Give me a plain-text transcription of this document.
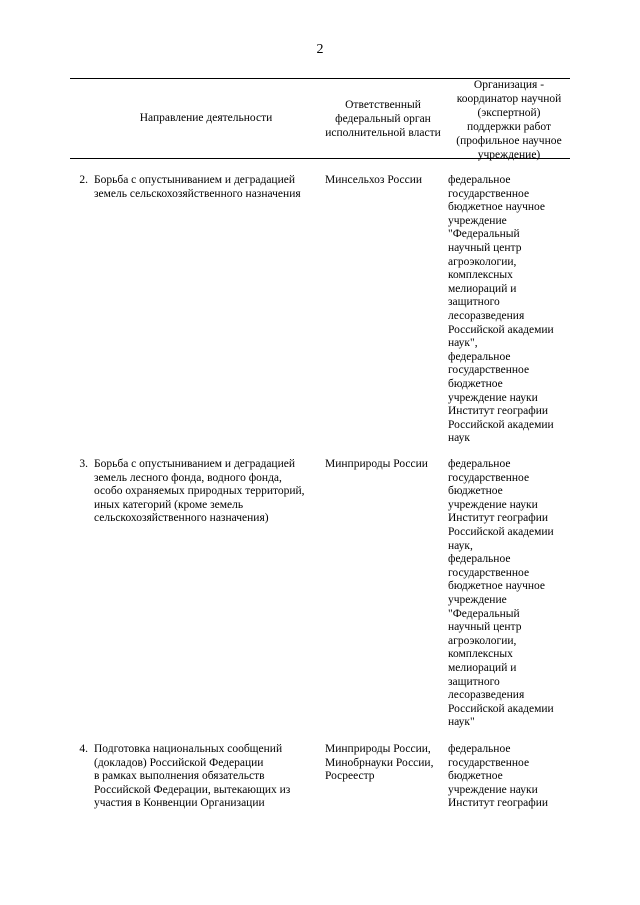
2
Направление деятельности
Ответственный
федеральный орган
исполнительной власти
Организация -
координатор научной
(экспертной)
поддержки работ
(профильное научное
учреждение)
2. Борьба с опустыниванием и деградацией
земель сельскохозяйственного назначения
Минсельхоз России	федеральное
государственное
бюджетное научное
учреждение
"Федеральный
научный центр
агроэкологии,
комплексных
мелиораций и
защитного
лесоразведения
Российской академии
наук",
федеральное
государственное
бюджетное
учреждение науки
Институт географии
Российской академии
наук
3. Борьба с опустыниванием и деградацией
земель лесного фонда, водного фонда,
особо охраняемых природных территорий,
иных категорий (кроме земель
сельскохозяйственного назначения)
Минприроды России	федеральное
государственное
бюджетное
учреждение науки
Институт географии
Российской академии
наук,
федеральное
государственное
бюджетное научное
учреждение
"Федеральный
научный центр
агроэкологии,
комплексных
мелиораций и
защитного
лесоразведения
Российской академии
наук"
4. Подготовка национальных сообщений
(докладов) Российской Федерации
в рамках выполнения обязательств
Российской Федерации, вытекающих из
участия в Конвенции Организации
Минприроды России,
Минобрнауки России,
Росреестр
федеральное
государственное
бюджетное
учреждение науки
Институт географии
